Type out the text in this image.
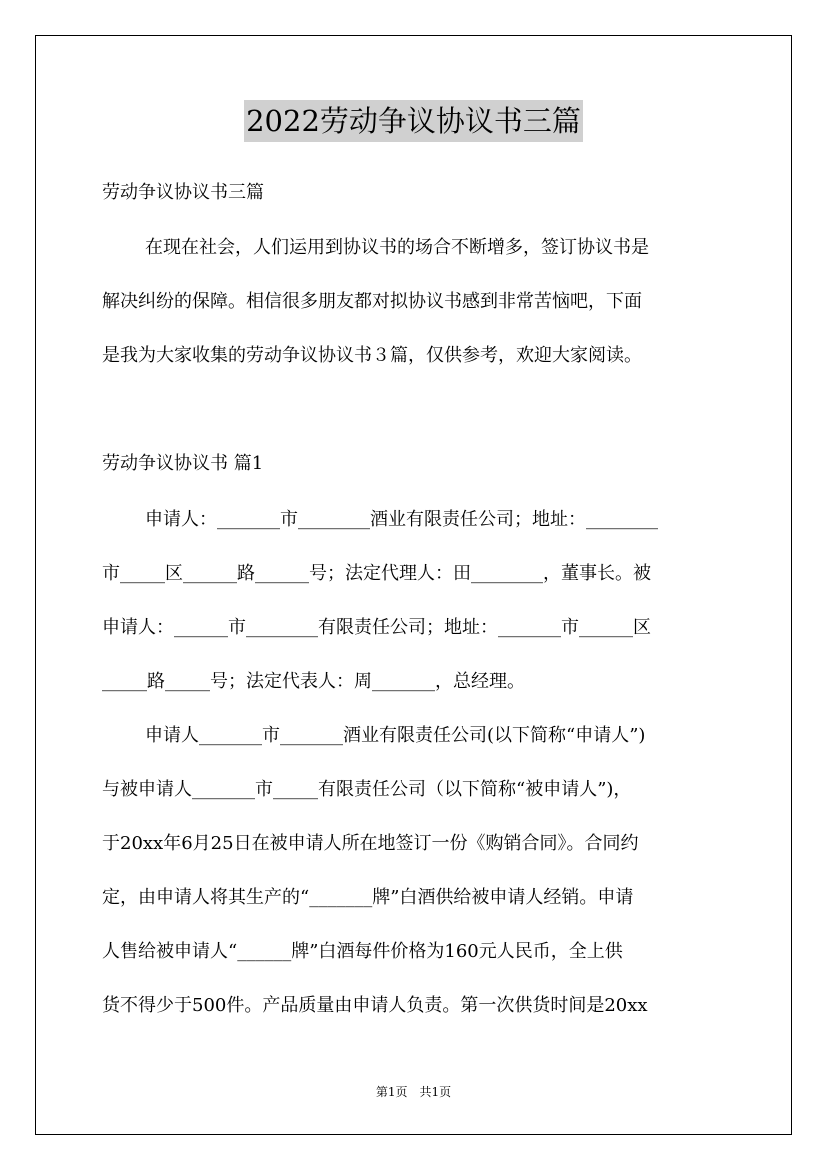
2022劳动争议协议书三篇
劳动争议协议书三篇
在现在社会，人们运用到协议书的场合不断增多，签订协议书是
解决纠纷的保障。相信很多朋友都对拟协议书感到非常苦恼吧，下面
是我为大家收集的劳动争议协议书３篇，仅供参考，欢迎大家阅读。
劳动争议协议书 篇1
申请人：_______市________酒业有限责任公司；地址：________
市_____区______路______号；法定代理人：田________，董事长。被
申请人：______市________有限责任公司；地址：_______市______区
_____路_____号；法定代表人：周_______，总经理。
申请人_______市_______酒业有限责任公司(以下简称“申请人”)
与被申请人_______市_____有限责任公司（以下简称“被申请人”)，
于20xx年6月25日在被申请人所在地签订一份《购销合同》。合同约
定，由申请人将其生产的“_______牌”白酒供给被申请人经销。申请
人售给被申请人“______牌”白酒每件价格为160元人民币，全上供
货不得少于500件。产品质量由申请人负责。第一次供货时间是20xx
第1页　共1页
